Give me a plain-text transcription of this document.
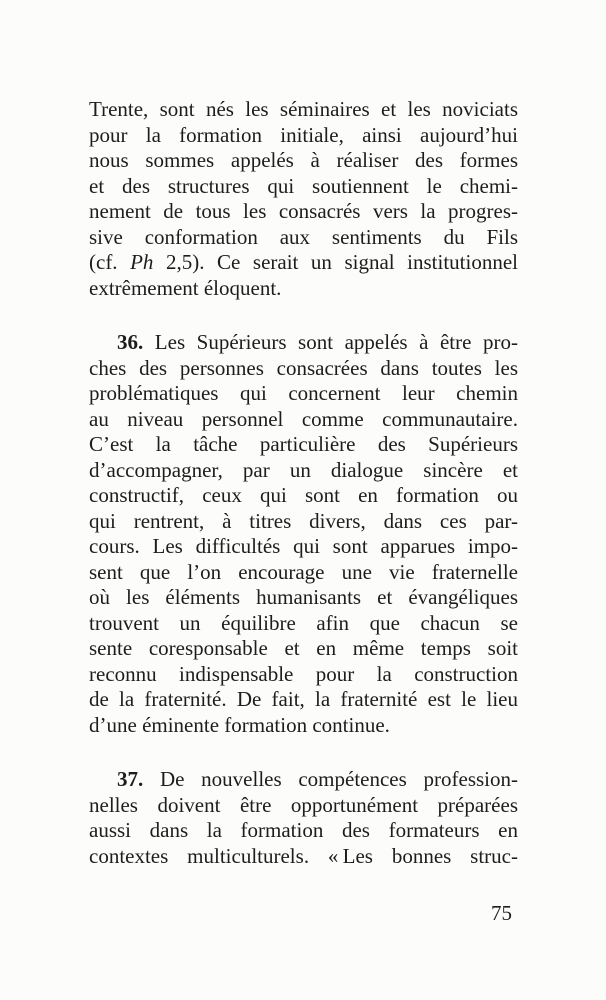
Trente, sont nés les séminaires et les noviciats
pour la formation initiale, ainsi aujourd’hui
nous sommes appelés à réaliser des formes
et des structures qui soutiennent le chemi-
nement de tous les consacrés vers la progres-
sive conformation aux sentiments du Fils
(cf. Ph 2,5). Ce serait un signal institutionnel
extrêmement éloquent.

36. Les Supérieurs sont appelés à être pro-
ches des personnes consacrées dans toutes les
problématiques qui concernent leur chemin
au niveau personnel comme communautaire.
C’est la tâche particulière des Supérieurs
d’accompagner, par un dialogue sincère et
constructif, ceux qui sont en formation ou
qui rentrent, à titres divers, dans ces par-
cours. Les difficultés qui sont apparues impo-
sent que l’on encourage une vie fraternelle
où les éléments humanisants et évangéliques
trouvent un équilibre afin que chacun se
sente coresponsable et en même temps soit
reconnu indispensable pour la construction
de la fraternité. De fait, la fraternité est le lieu
d’une éminente formation continue.

37. De nouvelles compétences profession-
nelles doivent être opportunément préparées
aussi dans la formation des formateurs en
contextes multiculturels. « Les bonnes struc-

75
